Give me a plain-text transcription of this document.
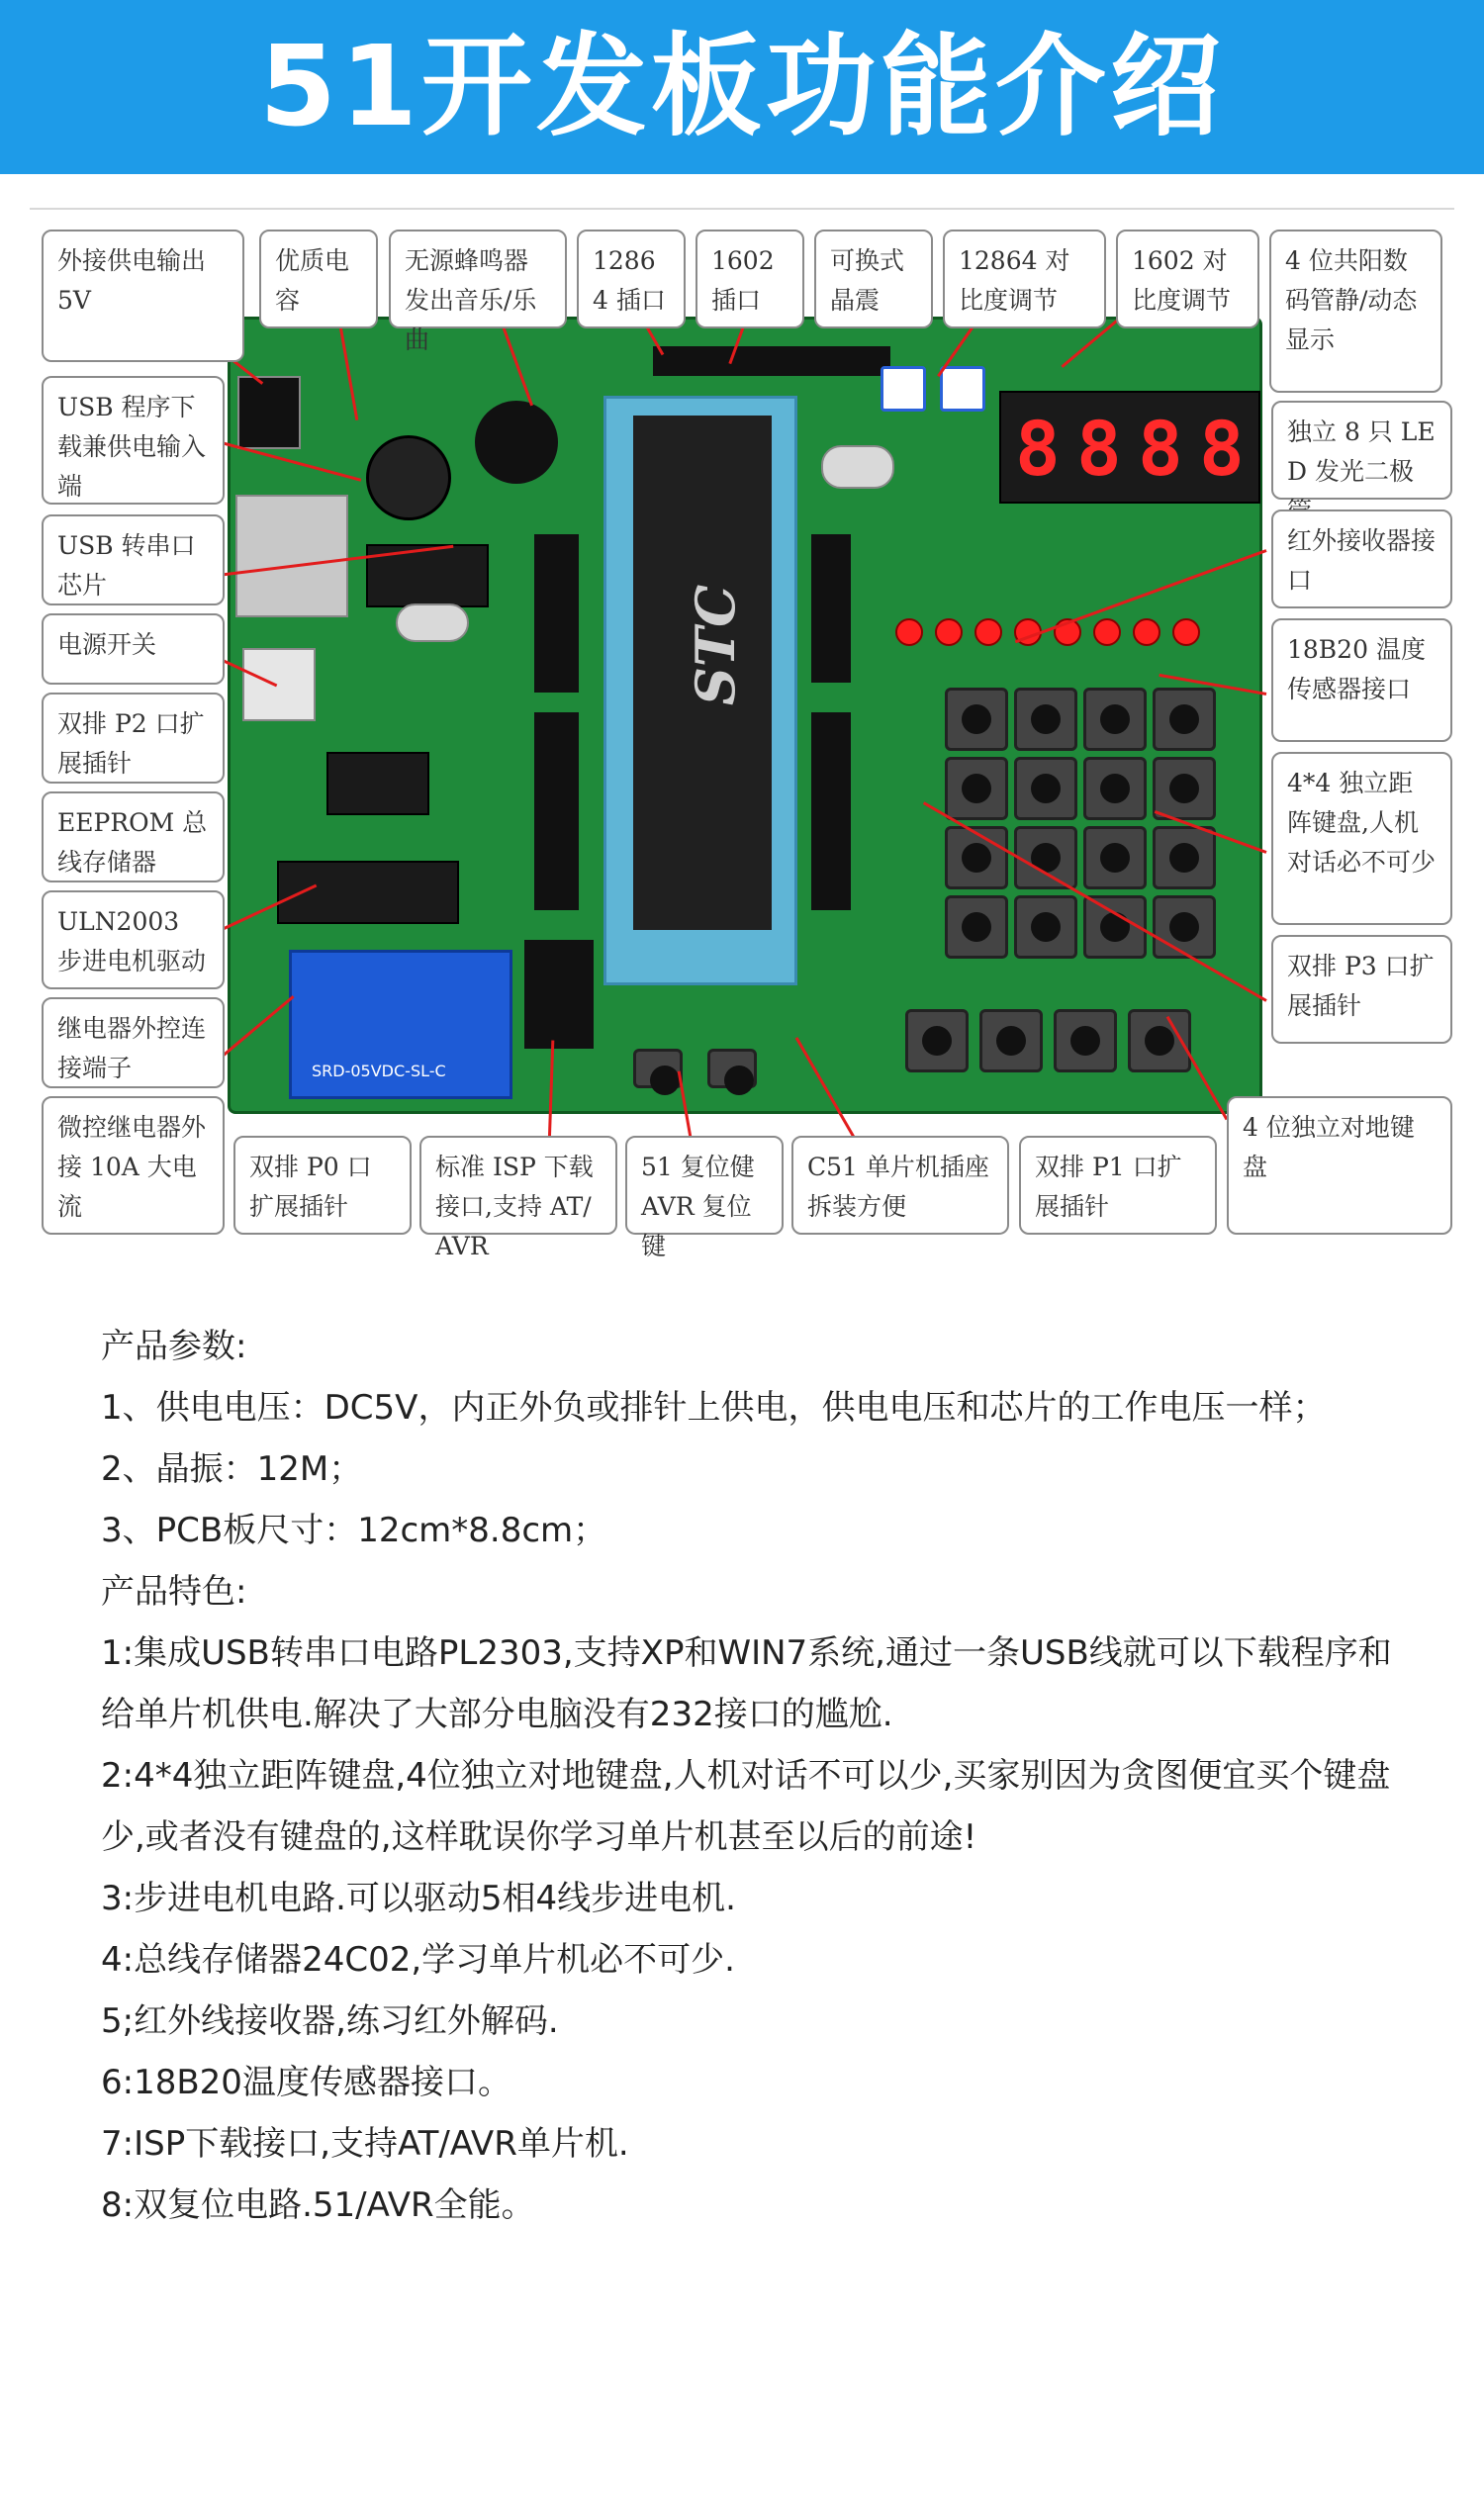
51开发板功能介绍
STC
8 8 8 8
SRD-05VDC-SL-C
外接供电输出 5V
优质电容
无源蜂鸣器发出音乐/乐曲
12864 插口
1602 插口
可换式晶震
12864 对比度调节
1602 对比度调节
4 位共阳数码管静/动态显示
USB 程序下载兼供电输入端
USB 转串口芯片
电源开关
双排 P2 口扩展插针
EEPROM 总线存储器
ULN2003 步进电机驱动
继电器外控连接端子
微控继电器外接 10A 大电流
双排 P0 口扩展插针
标准 ISP 下载接口,支持 AT/AVR
51 复位健 AVR 复位键
C51 单片机插座拆装方便
双排 P1 口扩展插针
4 位独立对地键盘
独立 8 只 LED 发光二极
红外接收器接口
18B20 温度传感器接口
4*4 独立距阵键盘,人机对话必不可少
双排 P3 口扩展插针

产品参数:

1、供电电压：DC5V，内正外负或排针上供电，供电电压和芯片的工作电压一样；

2、晶振：12M；

3、PCB板尺寸：12cm*8.8cm；

产品特色:

1:集成USB转串口电路PL2303,支持XP和WIN7系统,通过一条USB线就可以下载程序和给单片机供电.解决了大部分电脑没有232接口的尴尬.

2:4*4独立距阵键盘,4位独立对地键盘,人机对话不可以少,买家别因为贪图便宜买个键盘少,或者没有键盘的,这样耽误你学习单片机甚至以后的前途!

3:步进电机电路.可以驱动5相4线步进电机.

4:总线存储器24C02,学习单片机必不可少.

5;红外线接收器,练习红外解码.

6:18B20温度传感器接口。

7:ISP下载接口,支持AT/AVR单片机.

8:双复位电路.51/AVR全能。
